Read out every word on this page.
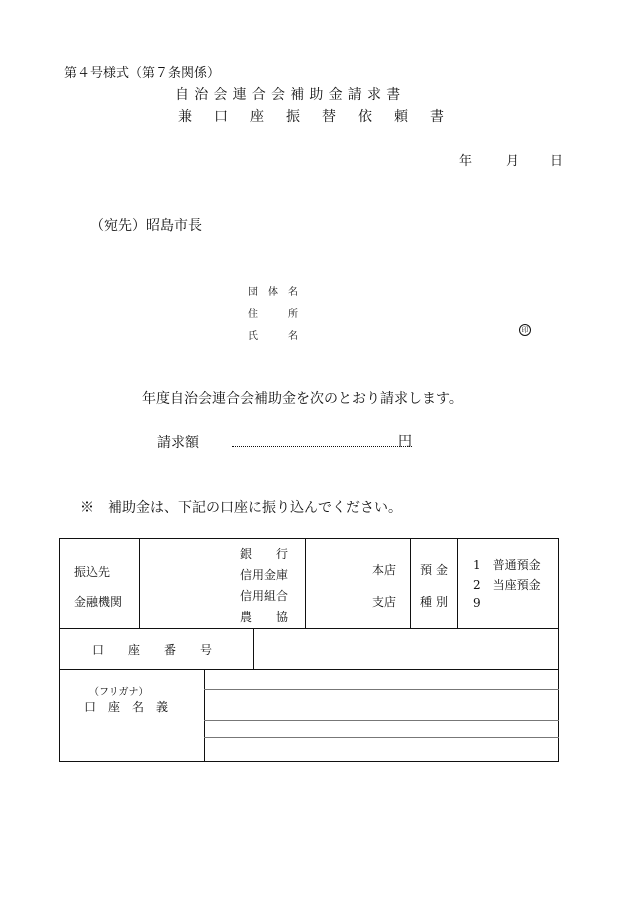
第４号様式（第７条関係）
自治会連合会補助金請求書
兼口座振替依頼書
年	月 日
（宛先）昭島市長
団　体　名
住　　　所
氏　　　名
印
年度自治会連合会補助金を次のとおり請求します。
請求額	円
※　補助金は、下記の口座に振り込んでください。
振込先
金融機関
銀　　行
信用金庫
信用組合
農　　協
本店
支店
預金
種別
1　普通預金
2　当座預金
9
口　　座　　番　　号
（フリガナ）
口　座　名　義
